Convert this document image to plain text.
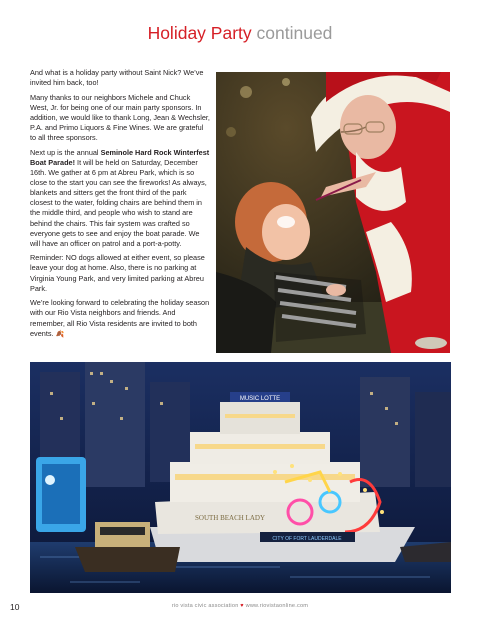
Holiday Party continued

And what is a holiday party without Saint Nick? We’ve invited him back, too!

Many thanks to our neighbors Michele and Chuck West, Jr. for being one of our main party sponsors. In addition, we would like to thank Long, Jean & Wechsler, P.A. and Primo Liquors & Fine Wines. We are grateful to all three sponsors.

Next up is the annual Seminole Hard Rock Winterfest Boat Parade! It will be held on Saturday, December 16th. We gather at 6 pm at Abreu Park, which is so close to the start you can see the fireworks! As always, blankets and sitters get the front third of the park closest to the water, folding chairs are behind them in the middle third, and people who wish to stand are behind the chairs. This fair system was crafted so everyone gets to see and enjoy the boat parade. We will have an officer on patrol and a port-a-potty.

Reminder: NO dogs allowed at either event, so please leave your dog at home. Also, there is no parking at Virginia Young Park, and very limited parking at Abreu Park.

We’re looking forward to celebrating the holiday season with our Rio Vista neighbors and friends. And remember, all Rio Vista residents are invited to both events. 🍂

MUSIC LOTTE
SOUTH BEACH LADY
CITY OF FORT LAUDERDALE
10	rio vista civic association ♥ www.riovistaonline.com
